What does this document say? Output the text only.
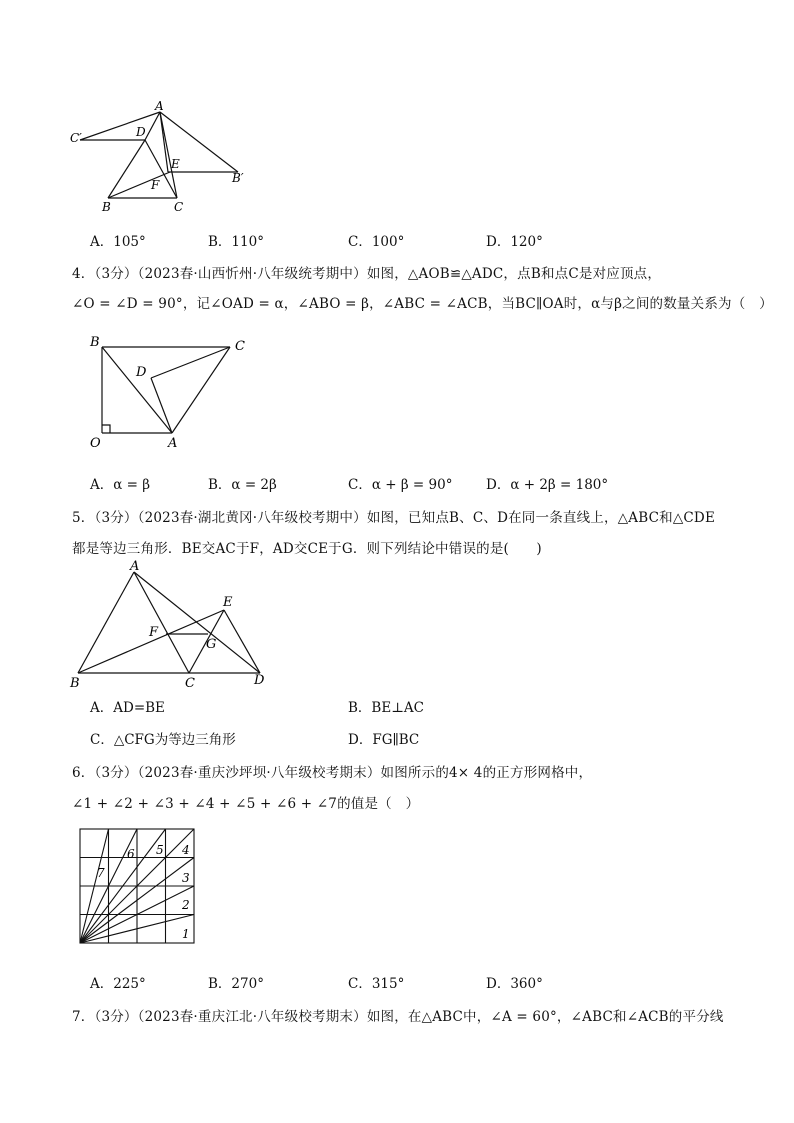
A
C′	D
E
B′
F
B	C
A．105°	B．110°	C．100°	D．120°
4．（3分）（2023春·山西忻州·八年级统考期中）如图，△AOB≌△ADC，点B和点C是对应顶点，
∠O = ∠D = 90°，记∠OAD = α，∠ABO = β，∠ABC = ∠ACB，当BC∥OA时，α与β之间的数量关系为（　）
B	C
D
O	A
A．α = β	B．α = 2β	C．α + β = 90° D．α + 2β = 180°
5．（3分）（2023春·湖北黄冈·八年级校考期中）如图，已知点B、C、D在同一条直线上，△ABC和△CDE
都是等边三角形．BE交AC于F，AD交CE于G．则下列结论中错误的是(　　)
A
E
F
G
B	C	D
A．AD=BE	B．BE⊥AC
C．△CFG为等边三角形	D．FG∥BC
6．（3分）（2023春·重庆沙坪坝·八年级校考期末）如图所示的4× 4的正方形网格中，
∠1 + ∠2 + ∠3 + ∠4 + ∠5 + ∠6 + ∠7的值是（　）
1
2
3
4
5
6
7
A．225°	B．270°	C．315°	D．360°
7．（3分）（2023春·重庆江北·八年级校考期末）如图，在△ABC中，∠A = 60°，∠ABC和∠ACB的平分线
